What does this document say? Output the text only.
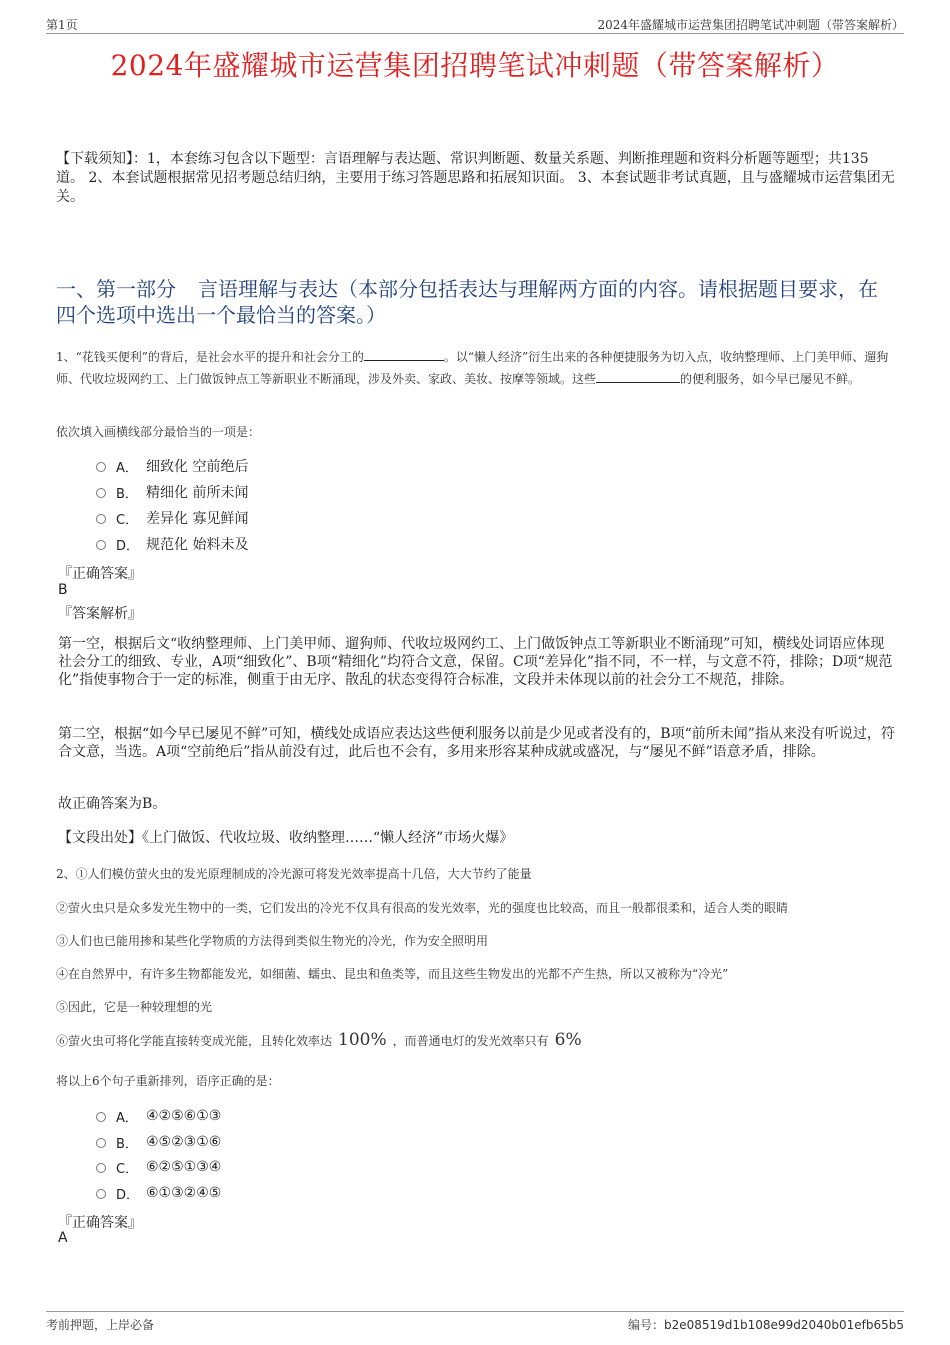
第1页	2024年盛耀城市运营集团招聘笔试冲刺题（带答案解析）
2024年盛耀城市运营集团招聘笔试冲刺题（带答案解析）
【下载须知】：1，本套练习包含以下题型：言语理解与表达题、常识判断题、数量关系题、判断推理题和资料分析题等题型；共135道。 2、本套试题根据常见招考题总结归纳，主要用于练习答题思路和拓展知识面。 3、本套试题非考试真题，且与盛耀城市运营集团无关。
一、第一部分 言语理解与表达（本部分包括表达与理解两方面的内容。请根据题目要求，在四个选项中选出一个最恰当的答案。）
1、“花钱买便利”的背后，是社会水平的提升和社会分工的	。以“懒人经济”衍生出来的各种便捷服务为切入点，收纳整理师、上门美甲师、遛狗师、代收垃圾网约工、上门做饭钟点工等新职业不断涌现，涉及外卖、家政、美妆、按摩等领域。这些	的便利服务，如今早已屡见不鲜。
依次填入画横线部分最恰当的一项是：
A． 细致化 空前绝后
B． 精细化 前所未闻
C． 差异化 寡见鲜闻
D． 规范化 始料未及
『正确答案』
B
『答案解析』
第一空，根据后文“收纳整理师、上门美甲师、遛狗师、代收垃圾网约工、上门做饭钟点工等新职业不断涌现”可知，横线处词语应体现社会分工的细致、专业，A项“细致化”、B项“精细化”均符合文意，保留。C项“差异化”指不同，不一样，与文意不符，排除；D项“规范化”指使事物合于一定的标准，侧重于由无序、散乱的状态变得符合标准，文段并未体现以前的社会分工不规范，排除。
第二空，根据“如今早已屡见不鲜”可知，横线处成语应表达这些便利服务以前是少见或者没有的，B项“前所未闻”指从来没有听说过，符合文意，当选。A项“空前绝后”指从前没有过，此后也不会有，多用来形容某种成就或盛况，与“屡见不鲜”语意矛盾，排除。
故正确答案为B。
【文段出处】《上门做饭、代收垃圾、收纳整理……“懒人经济”市场火爆》
2、①人们模仿萤火虫的发光原理制成的冷光源可将发光效率提高十几倍，大大节约了能量
②萤火虫只是众多发光生物中的一类，它们发出的冷光不仅具有很高的发光效率，光的强度也比较高，而且一般都很柔和，适合人类的眼睛
③人们也已能用掺和某些化学物质的方法得到类似生物光的冷光，作为安全照明用
④在自然界中，有许多生物都能发光，如细菌、蠕虫、昆虫和鱼类等，而且这些生物发出的光都不产生热，所以又被称为“冷光”
⑤因此，它是一种较理想的光
⑥萤火虫可将化学能直接转变成光能，且转化效率达 100% ，而普通电灯的发光效率只有 6%
将以上6个句子重新排列，语序正确的是：
A． ④②⑤⑥①③
B． ④⑤②③①⑥
C． ⑥②⑤①③④
D． ⑥①③②④⑤
『正确答案』
A
考前押题，上岸必备	编号：b2e08519d1b108e99d2040b01efb65b5
